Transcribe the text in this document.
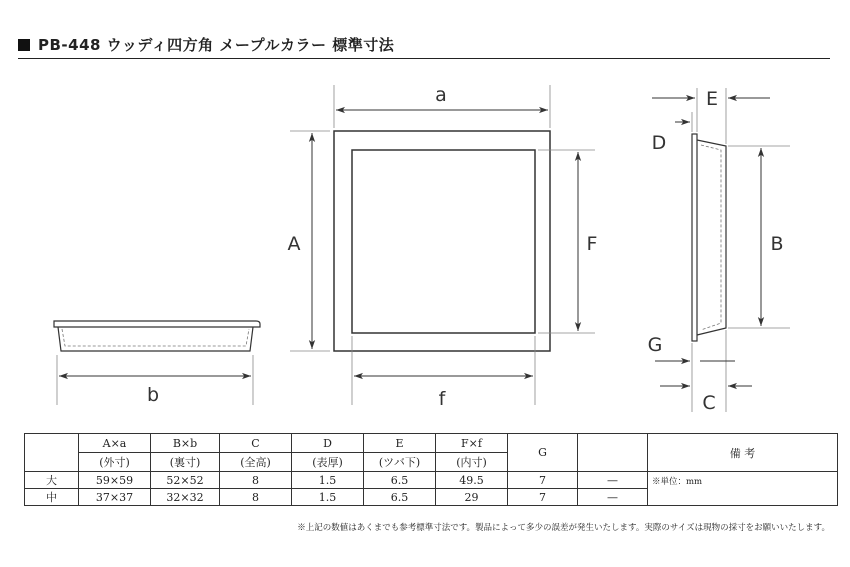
PB-448 ウッディ四方角 メープルカラー 標準寸法
a
A	F
f
b
E
D
B
G
C
	A×a	B×b	C	D	E	F×f	G		備 考
	(外寸)	(裏寸)	(全高)	(表厚)	(ツバ下)	(内寸)			
大	59×59	52×52	8	1.5	6.5	49.5	7	—	※単位：mm
中	37×37	32×32	8	1.5	6.5	29	7	—	
※上記の数値はあくまでも参考標準寸法です。製品によって多少の誤差が発生いたします。実際のサイズは現物の採寸をお願いいたします。
